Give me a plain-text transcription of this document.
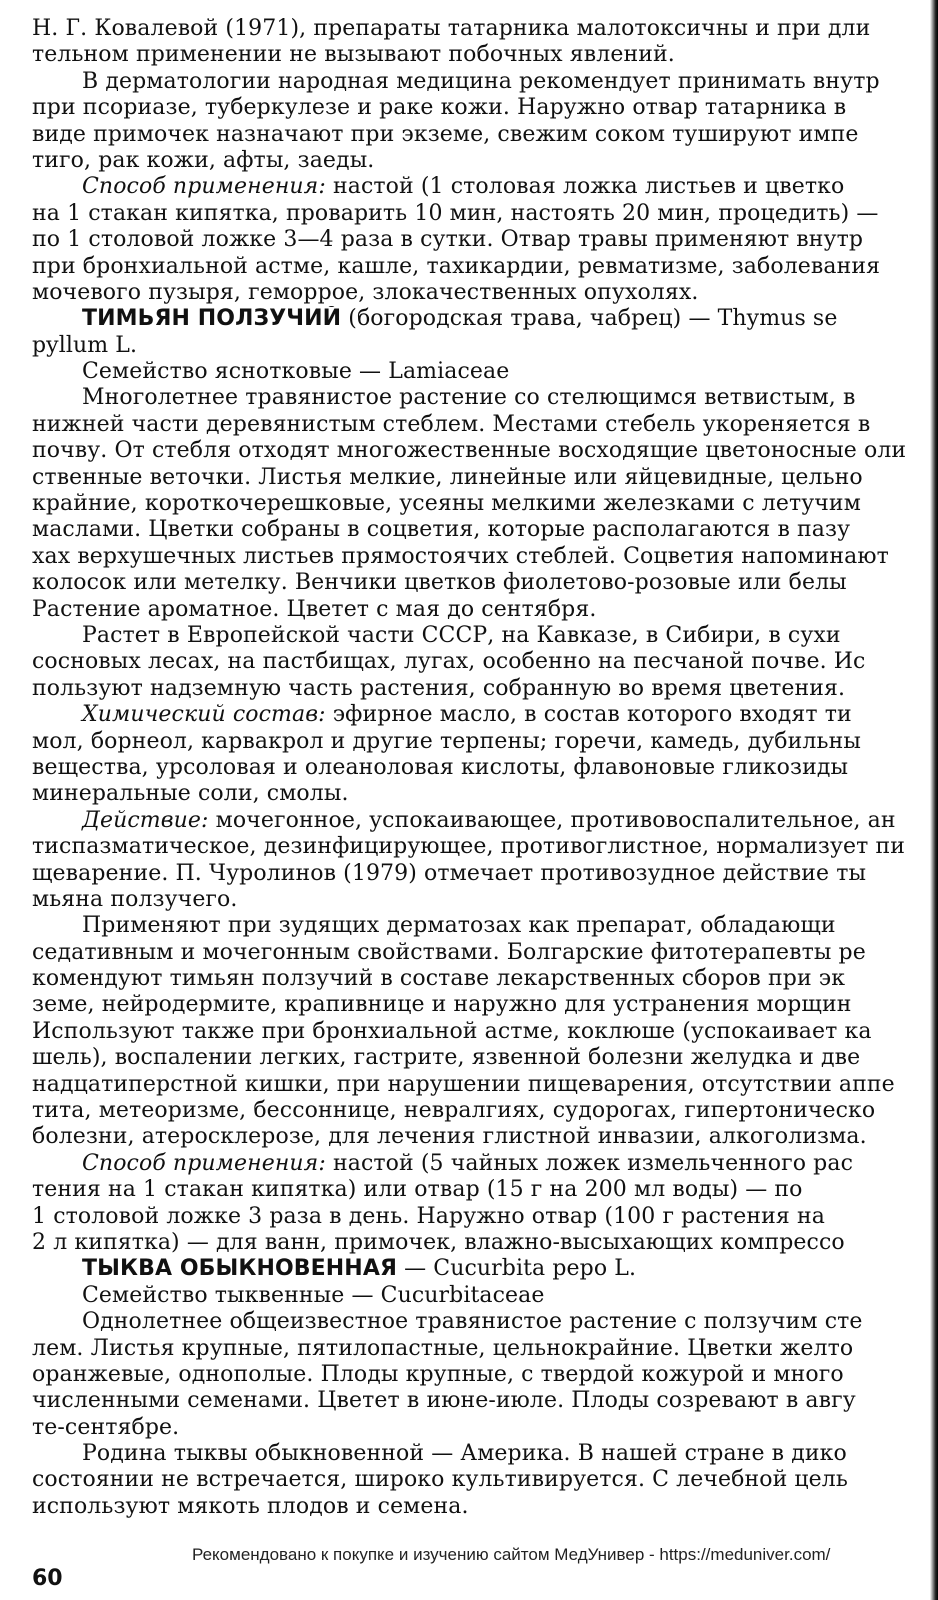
Н. Г. Ковалевой (1971), препараты татарника малотоксичны и при дли
тельном применении не вызывают побочных явлений.
В дерматологии народная медицина рекомендует принимать внутр
при псориазе, туберкулезе и раке кожи. Наружно отвар татарника в
виде примочек назначают при экземе, свежим соком тушируют импе
тиго, рак кожи, афты, заеды.
Способ применения: настой (1 столовая ложка листьев и цветко
на 1 стакан кипятка, проварить 10 мин, настоять 20 мин, процедить) —
по 1 столовой ложке 3—4 раза в сутки. Отвар травы применяют внутр
при бронхиальной астме, кашле, тахикардии, ревматизме, заболевания
мочевого пузыря, геморрое, злокачественных опухолях.
ТИМЬЯН ПОЛЗУЧИЙ (богородская трава, чабрец) — Thymus se
pyllum L.
Семейство яснотковые — Lamiaceae
Многолетнее травянистое растение со стелющимся ветвистым, в
нижней части деревянистым стеблем. Местами стебель укореняется в
почву. От стебля отходят многожественные восходящие цветоносные оли
ственные веточки. Листья мелкие, линейные или яйцевидные, цельно
крайние, короткочерешковые, усеяны мелкими железками с летучим
маслами. Цветки собраны в соцветия, которые располагаются в пазу
хах верхушечных листьев прямостоячих стеблей. Соцветия напоминают
колосок или метелку. Венчики цветков фиолетово-розовые или белы
Растение ароматное. Цветет с мая до сентября.
Растет в Европейской части СССР, на Кавказе, в Сибири, в сухи
сосновых лесах, на пастбищах, лугах, особенно на песчаной почве. Ис
пользуют надземную часть растения, собранную во время цветения.
Химический состав: эфирное масло, в состав которого входят ти
мол, борнеол, карвакрол и другие терпены; горечи, камедь, дубильны
вещества, урсоловая и олеаноловая кислоты, флавоновые гликозиды
минеральные соли, смолы.
Действие: мочегонное, успокаивающее, противовоспалительное, ан
тиспазматическое, дезинфицирующее, противоглистное, нормализует пи
щеварение. П. Чуролинов (1979) отмечает противозудное действие ты
мьяна ползучего.
Применяют при зудящих дерматозах как препарат, обладающи
седативным и мочегонным свойствами. Болгарские фитотерапевты ре
комендуют тимьян ползучий в составе лекарственных сборов при эк
земе, нейродермите, крапивнице и наружно для устранения морщин
Используют также при бронхиальной астме, коклюше (успокаивает ка
шель), воспалении легких, гастрите, язвенной болезни желудка и две
надцатиперстной кишки, при нарушении пищеварения, отсутствии аппе
тита, метеоризме, бессоннице, невралгиях, судорогах, гипертоническо
болезни, атеросклерозе, для лечения глистной инвазии, алкоголизма.
Способ применения: настой (5 чайных ложек измельченного рас
тения на 1 стакан кипятка) или отвар (15 г на 200 мл воды) — по
1 столовой ложке 3 раза в день. Наружно отвар (100 г растения на
2 л кипятка) — для ванн, примочек, влажно-высыхающих компрессо
ТЫКВА ОБЫКНОВЕННАЯ — Cucurbita pepo L.
Семейство тыквенные — Cucurbitaceae
Однолетнее общеизвестное травянистое растение с ползучим сте
лем. Листья крупные, пятилопастные, цельнокрайние. Цветки желто
оранжевые, однополые. Плоды крупные, с твердой кожурой и много
численными семенами. Цветет в июне-июле. Плоды созревают в авгу
те-сентябре.
Родина тыквы обыкновенной — Америка. В нашей стране в дико
состоянии не встречается, широко культивируется. С лечебной цель
используют мякоть плодов и семена.
Рекомендовано к покупке и изучению сайтом МедУнивер - https://meduniver.com/
60
